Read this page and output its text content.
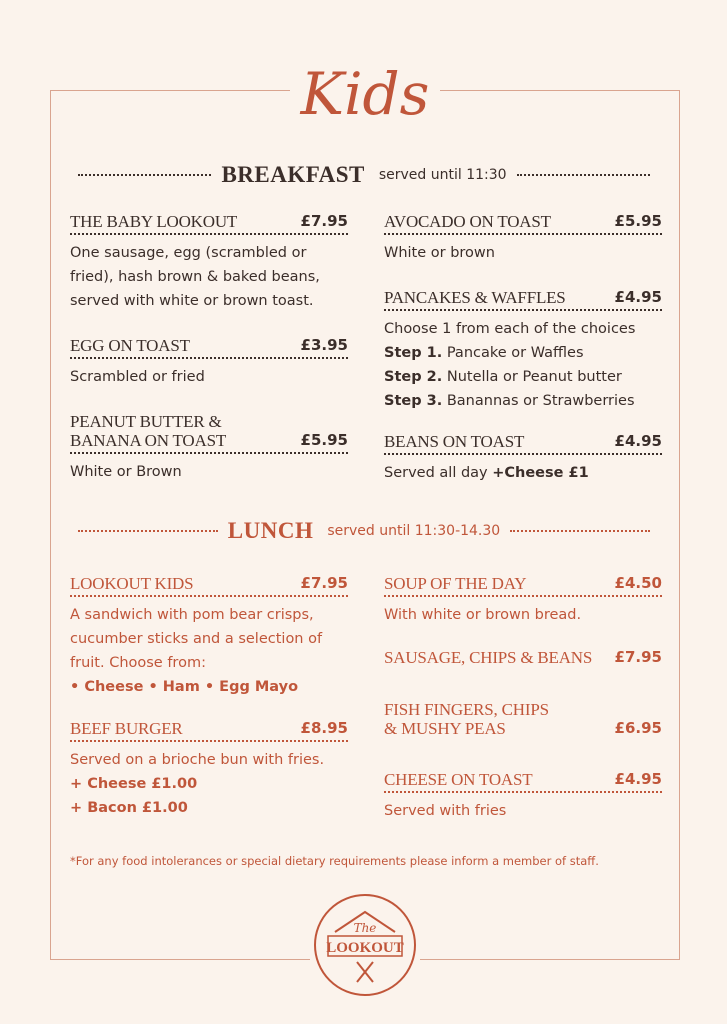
Kids
BREAKFAST served until 11:30
THE BABY LOOKOUT	£7.95
One sausage, egg (scrambled or fried), hash brown & baked beans, served with white or brown toast.
EGG ON TOAST	£3.95
Scrambled or fried
PEANUT BUTTER &
BANANA ON TOAST	£5.95
White or Brown
AVOCADO ON TOAST	£5.95
White or brown
PANCAKES & WAFFLES	£4.95
Choose 1 from each of the choices
Step 1. Pancake or Waffles
Step 2. Nutella or Peanut butter
Step 3. Banannas or Strawberries
BEANS ON TOAST	£4.95
Served all day +Cheese £1
LUNCH served until 11:30-14.30
LOOKOUT KIDS	£7.95
A sandwich with pom bear crisps, cucumber sticks and a selection of fruit. Choose from:
• Cheese • Ham • Egg Mayo
BEEF BURGER	£8.95
Served on a brioche bun with fries.
+ Cheese £1.00
+ Bacon £1.00
SOUP OF THE DAY	£4.50
With white or brown bread.
SAUSAGE, CHIPS & BEANS £7.95
FISH FINGERS, CHIPS
& MUSHY PEAS	£6.95
CHEESE ON TOAST	£4.95
Served with fries
*For any food intolerances or special dietary requirements please inform a member of staff.
The
LOOKOUT
